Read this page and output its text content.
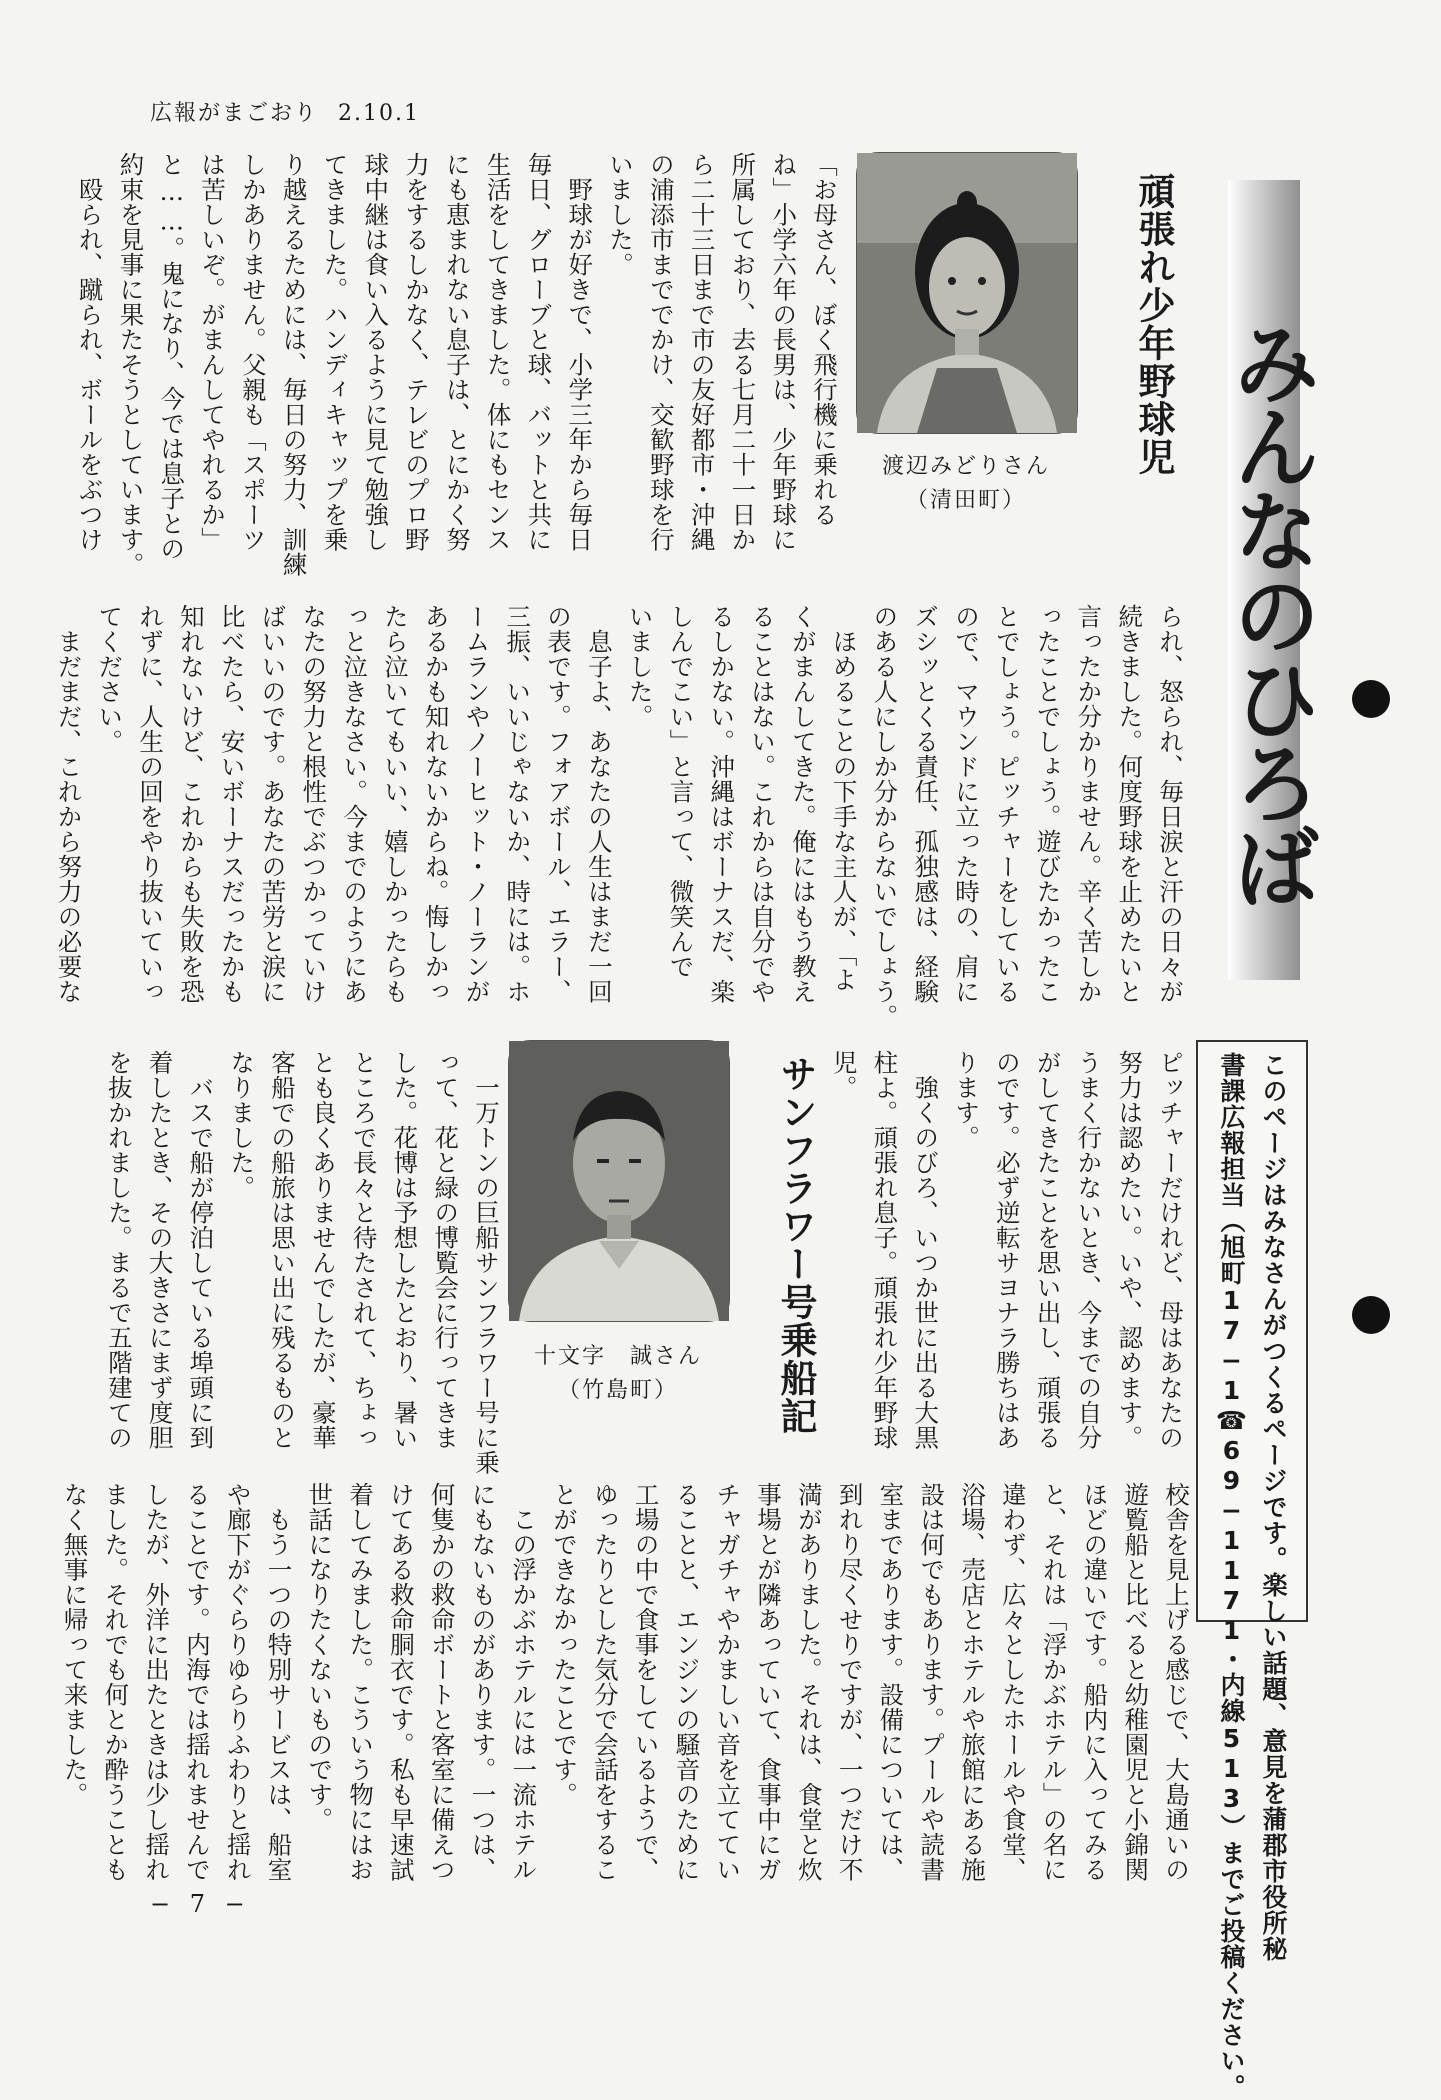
広報がまごおり 2.10.1
みんなのひろば
このページはみなさんがつくるページです。楽しい話題、意見を蒲郡市役所秘
書課広報担当（旭町17−1☎69−1171・内線513）までご投稿ください。
頑張れ少年野球児
渡辺みどりさん
（清田町）
「お母さん、ぼく飛行機に乗れる
ね」小学六年の長男は、少年野球に
所属しており、去る七月二十一日か
ら二十三日まで市の友好都市・沖縄
の浦添市まででかけ、交歓野球を行
いました。
　野球が好きで、小学三年から毎日
毎日、グローブと球、バットと共に
生活をしてきました。体にもセンス
にも恵まれない息子は、とにかく努
力をするしかなく、テレビのプロ野
球中継は食い入るように見て勉強し
てきました。ハンディキャップを乗
り越えるためには、毎日の努力、訓練
しかありません。父親も「スポーツ
は苦しいぞ。がまんしてやれるか」
と……。鬼になり、今では息子との
約束を見事に果たそうとしています。
　殴られ、蹴られ、ボールをぶつけ
られ、怒られ、毎日涙と汗の日々が
続きました。何度野球を止めたいと
言ったか分かりません。辛く苦しか
ったことでしょう。遊びたかったこ
とでしょう。ピッチャーをしている
ので、マウンドに立った時の、肩に
ズシッとくる責任、孤独感は、経験
のある人にしか分からないでしょう。
　ほめることの下手な主人が、「よ
くがまんしてきた。俺にはもう教え
ることはない。これからは自分でや
るしかない。沖縄はボーナスだ、楽
しんでこい」と言って、微笑んで
いました。
　息子よ、あなたの人生はまだ一回
の表です。フォアボール、エラー、
三振、いいじゃないか、時には。ホ
ームランやノーヒット・ノーランが
あるかも知れないからね。悔しかっ
たら泣いてもいい、嬉しかったらも
っと泣きなさい。今までのようにあ
なたの努力と根性でぶつかっていけ
ばいいのです。あなたの苦労と涙に
比べたら、安いボーナスだったかも
知れないけど、これからも失敗を恐
れずに、人生の回をやり抜いていっ
てください。
　まだまだ、これから努力の必要な
ピッチャーだけれど、母はあなたの
努力は認めたい。いや、認めます。
うまく行かないとき、今までの自分
がしてきたことを思い出し、頑張る
のです。必ず逆転サヨナラ勝ちはあ
ります。
　強くのびろ、いつか世に出る大黒
柱よ。頑張れ息子。頑張れ少年野球
児。
サンフラワー号乗船記
十文字　誠さん
（竹島町）
　一万トンの巨船サンフラワー号に乗
って、花と緑の博覧会に行ってきま
した。花博は予想したとおり、暑い
ところで長々と待たされて、ちょっ
とも良くありませんでしたが、豪華
客船での船旅は思い出に残るものと
なりました。
　バスで船が停泊している埠頭に到
着したとき、その大きさにまず度胆
を抜かれました。まるで五階建ての
校舎を見上げる感じで、大島通いの
遊覧船と比べると幼稚園児と小錦関
ほどの違いです。船内に入ってみる
と、それは「浮かぶホテル」の名に
違わず、広々としたホールや食堂、
浴場、売店とホテルや旅館にある施
設は何でもあります。プールや読書
室まであります。設備については、
到れり尽くせりですが、一つだけ不
満がありました。それは、食堂と炊
事場とが隣あっていて、食事中にガ
チャガチャやかましい音を立ててい
ることと、エンジンの騒音のために
工場の中で食事をしているようで、
ゆったりとした気分で会話をするこ
とができなかったことです。
　この浮かぶホテルには一流ホテル
にもないものがあります。一つは、
何隻かの救命ボートと客室に備えつ
けてある救命胴衣です。私も早速試
着してみました。こういう物にはお
世話になりたくないものです。
　もう一つの特別サービスは、船室
や廊下がぐらりゆらりふわりと揺れ
ることです。内海では揺れませんで
したが、外洋に出たときは少し揺れ
ました。それでも何とか酔うことも
なく無事に帰って来ました。
− 7 −
